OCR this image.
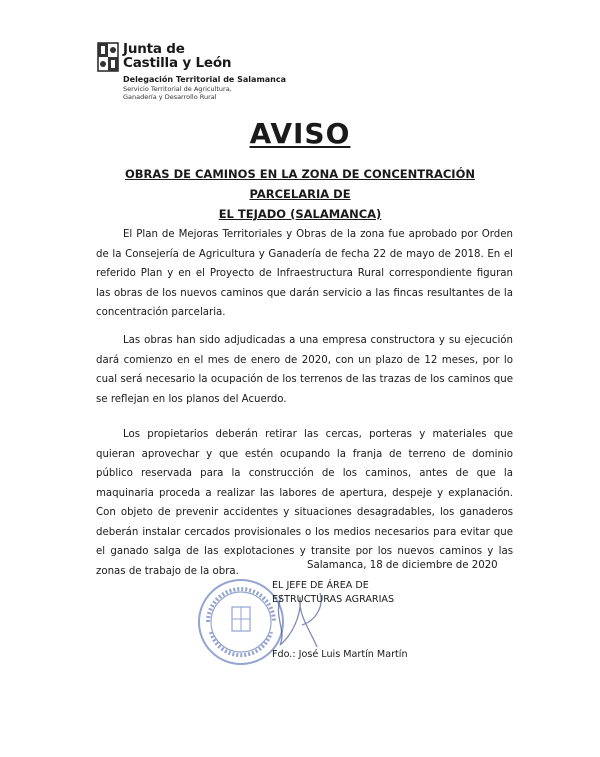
Junta de
Castilla y León
Delegación Territorial de Salamanca
Servicio Territorial de Agricultura,
Ganadería y Desarrollo Rural
AVISO
OBRAS DE CAMINOS EN LA ZONA DE CONCENTRACIÓN PARCELARIA DE
EL TEJADO (SALAMANCA)

El Plan de Mejoras Territoriales y Obras de la zona fue aprobado por Orden de la Consejería de Agricultura y Ganadería de fecha 22 de mayo de 2018. En el referido Plan y en el Proyecto de Infraestructura Rural correspondiente figuran las obras de los nuevos caminos que darán servicio a las fincas resultantes de la concentración parcelaria.

Las obras han sido adjudicadas a una empresa constructora y su ejecución dará comienzo en el mes de enero de 2020, con un plazo de 12 meses, por lo cual será necesario la ocupación de los terrenos de las trazas de los caminos que se reflejan en los planos del Acuerdo.

Los propietarios deberán retirar las cercas, porteras y materiales que quieran aprovechar y que estén ocupando la franja de terreno de dominio público reservada para la construcción de los caminos, antes de que la maquinaria proceda a realizar las labores de apertura, despeje y explanación. Con objeto de prevenir accidentes y situaciones desagradables, los ganaderos deberán instalar cercados provisionales o los medios necesarios para evitar que el ganado salga de las explotaciones y transite por los nuevos caminos y las zonas de trabajo de la obra.	Salamanca, 18 de diciembre de 2020
EL JEFE DE ÁREA DE
ESTRUCTURAS AGRARIAS
Fdo.: José Luis Martín Martín
